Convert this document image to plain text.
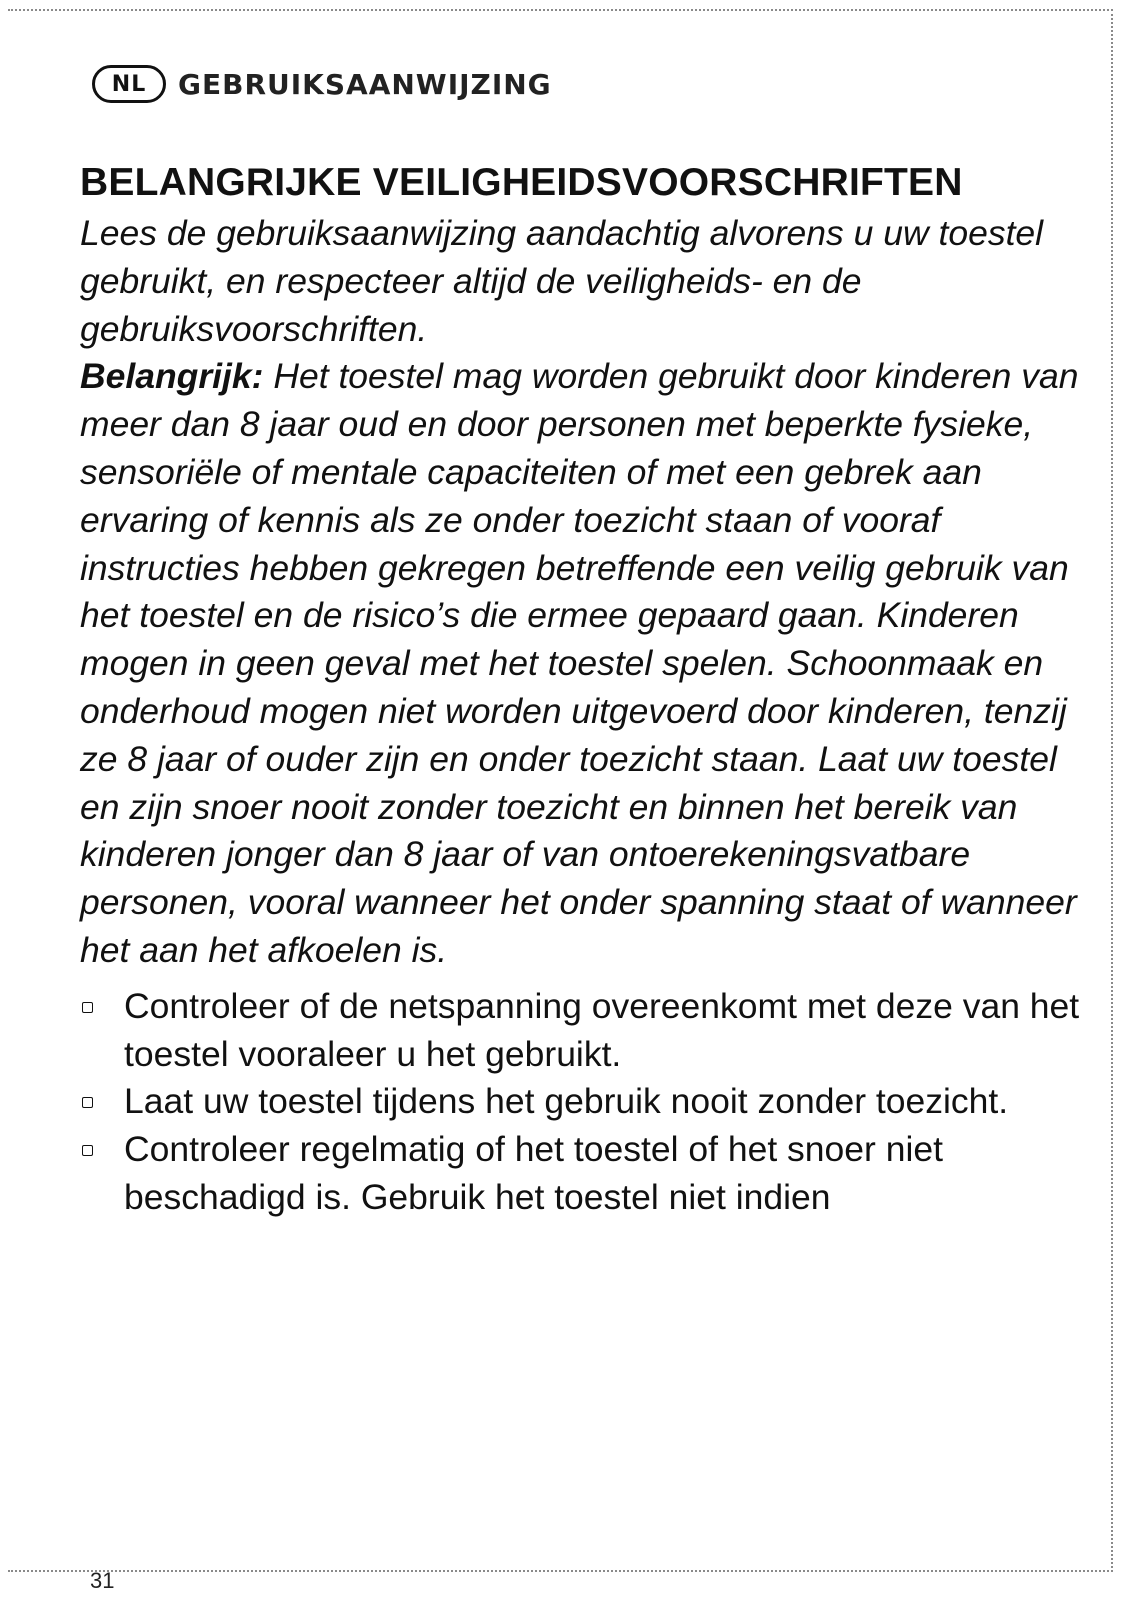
NL	GEBRUIKSAANWIJZING
BELANGRIJKE VEILIGHEIDSVOORSCHRIFTEN

Lees de gebruiksaanwijzing aandachtig alvorens u uw toestel gebruikt, en respecteer altijd de veiligheids- en de gebruiksvoorschriften.

Belangrijk: Het toestel mag worden gebruikt door kinderen van meer dan 8 jaar oud en door personen met beperkte fysieke, sensoriële of mentale capaciteiten of met een gebrek aan ervaring of kennis als ze onder toezicht staan of vooraf instructies hebben gekregen betreffende een veilig gebruik van het toestel en de risico’s die ermee gepaard gaan. Kinderen mogen in geen geval met het toestel spelen. Schoonmaak en onderhoud mogen niet worden uitgevoerd door kinderen, tenzij ze 8 jaar of ouder zijn en onder toezicht staan. Laat uw toestel en zijn snoer nooit zonder toezicht en binnen het bereik van kinderen jonger dan 8 jaar of van ontoerekeningsvatbare personen, vooral wanneer het onder spanning staat of wanneer het aan het afkoelen is.

Controleer of de netspanning overeenkomt met deze van het toestel vooraleer u het gebruikt.
Laat uw toestel tijdens het gebruik nooit zonder toezicht.
Controleer regelmatig of het toestel of het snoer niet beschadigd is. Gebruik het toestel niet indien
31
